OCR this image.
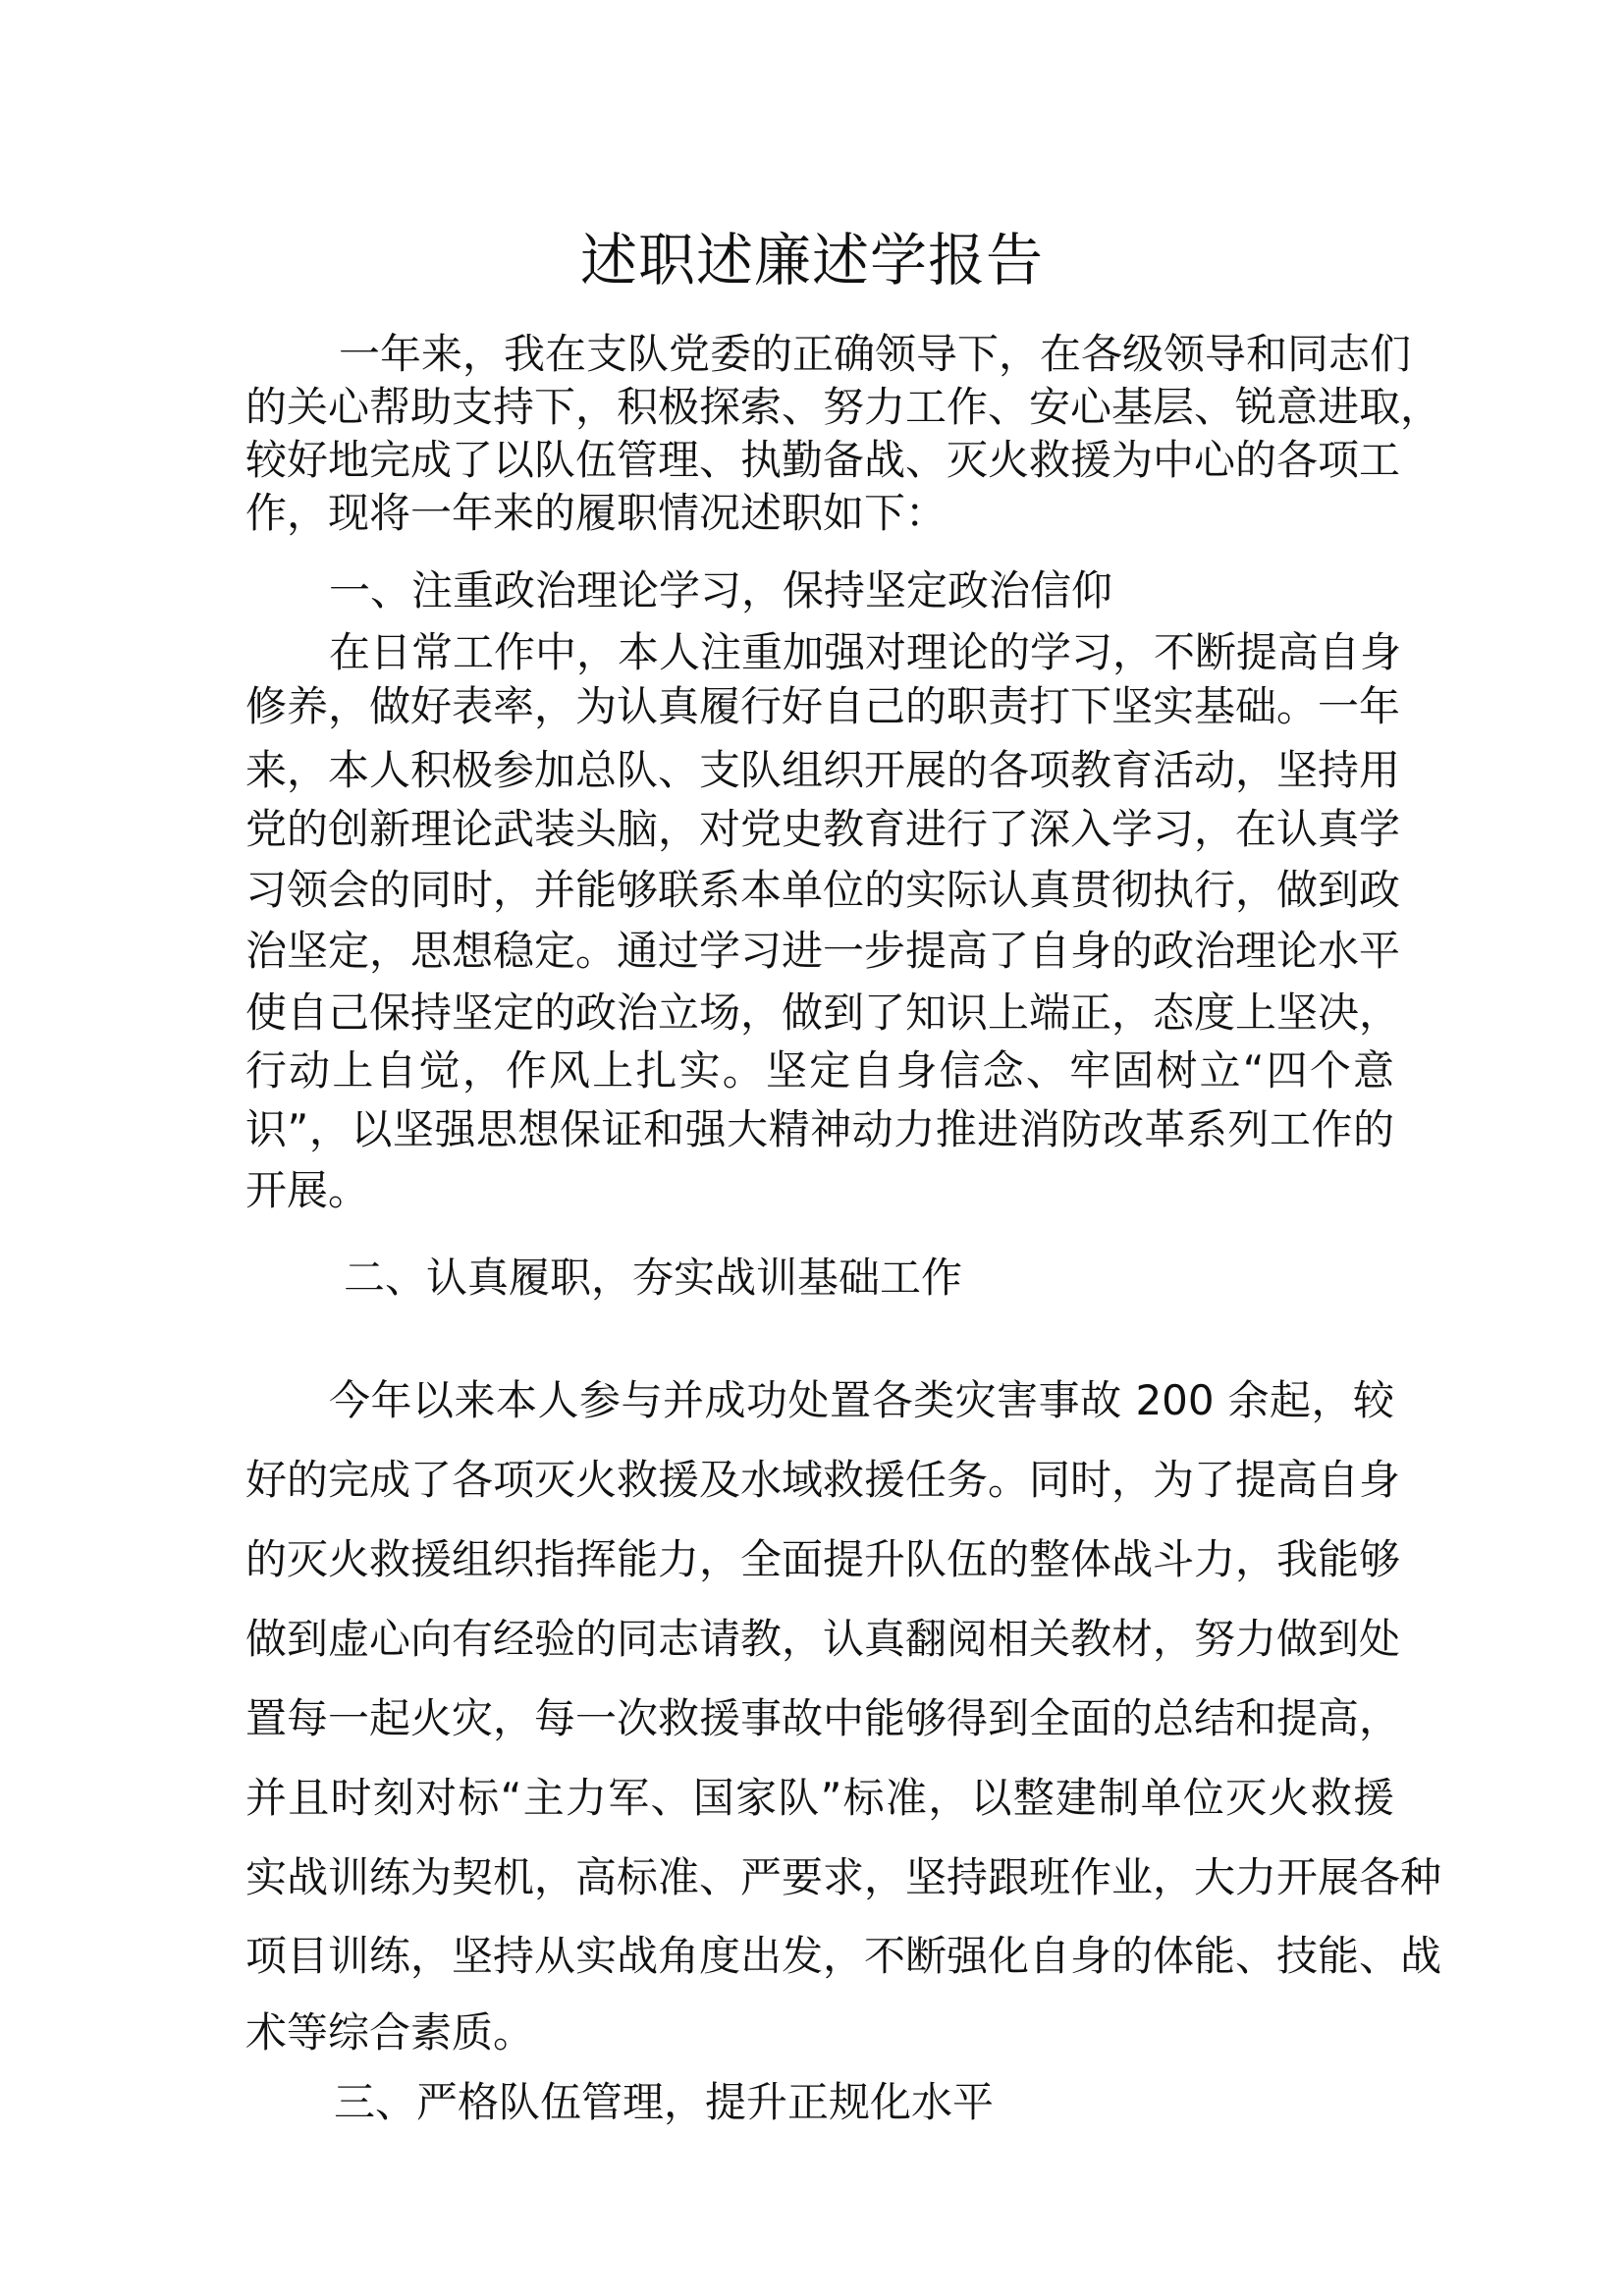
述职述廉述学报告

一年来，我在支队党委的正确领导下，在各级领导和同志们

的关心帮助支持下，积极探索、努力工作、安心基层、锐意进取，

较好地完成了以队伍管理、执勤备战、灭火救援为中心的各项工

作，现将一年来的履职情况述职如下：

一、注重政治理论学习，保持坚定政治信仰

在日常工作中，本人注重加强对理论的学习，不断提高自身

修养，做好表率，为认真履行好自己的职责打下坚实基础。一年

来，本人积极参加总队、支队组织开展的各项教育活动，坚持用

党的创新理论武装头脑，对党史教育进行了深入学习，在认真学

习领会的同时，并能够联系本单位的实际认真贯彻执行，做到政

治坚定，思想稳定。通过学习进一步提高了自身的政治理论水平

使自己保持坚定的政治立场，做到了知识上端正，态度上坚决，

行动上自觉，作风上扎实。坚定自身信念、牢固树立“四个意

识”，以坚强思想保证和强大精神动力推进消防改革系列工作的

开展。

二、认真履职，夯实战训基础工作

今年以来本人参与并成功处置各类灾害事故 200 余起，较

好的完成了各项灭火救援及水域救援任务。同时，为了提高自身

的灭火救援组织指挥能力，全面提升队伍的整体战斗力，我能够

做到虚心向有经验的同志请教，认真翻阅相关教材，努力做到处

置每一起火灾，每一次救援事故中能够得到全面的总结和提高，

并且时刻对标“主力军、国家队”标准，以整建制单位灭火救援

实战训练为契机，高标准、严要求，坚持跟班作业，大力开展各种

项目训练，坚持从实战角度出发，不断强化自身的体能、技能、战

术等综合素质。

三、严格队伍管理，提升正规化水平
